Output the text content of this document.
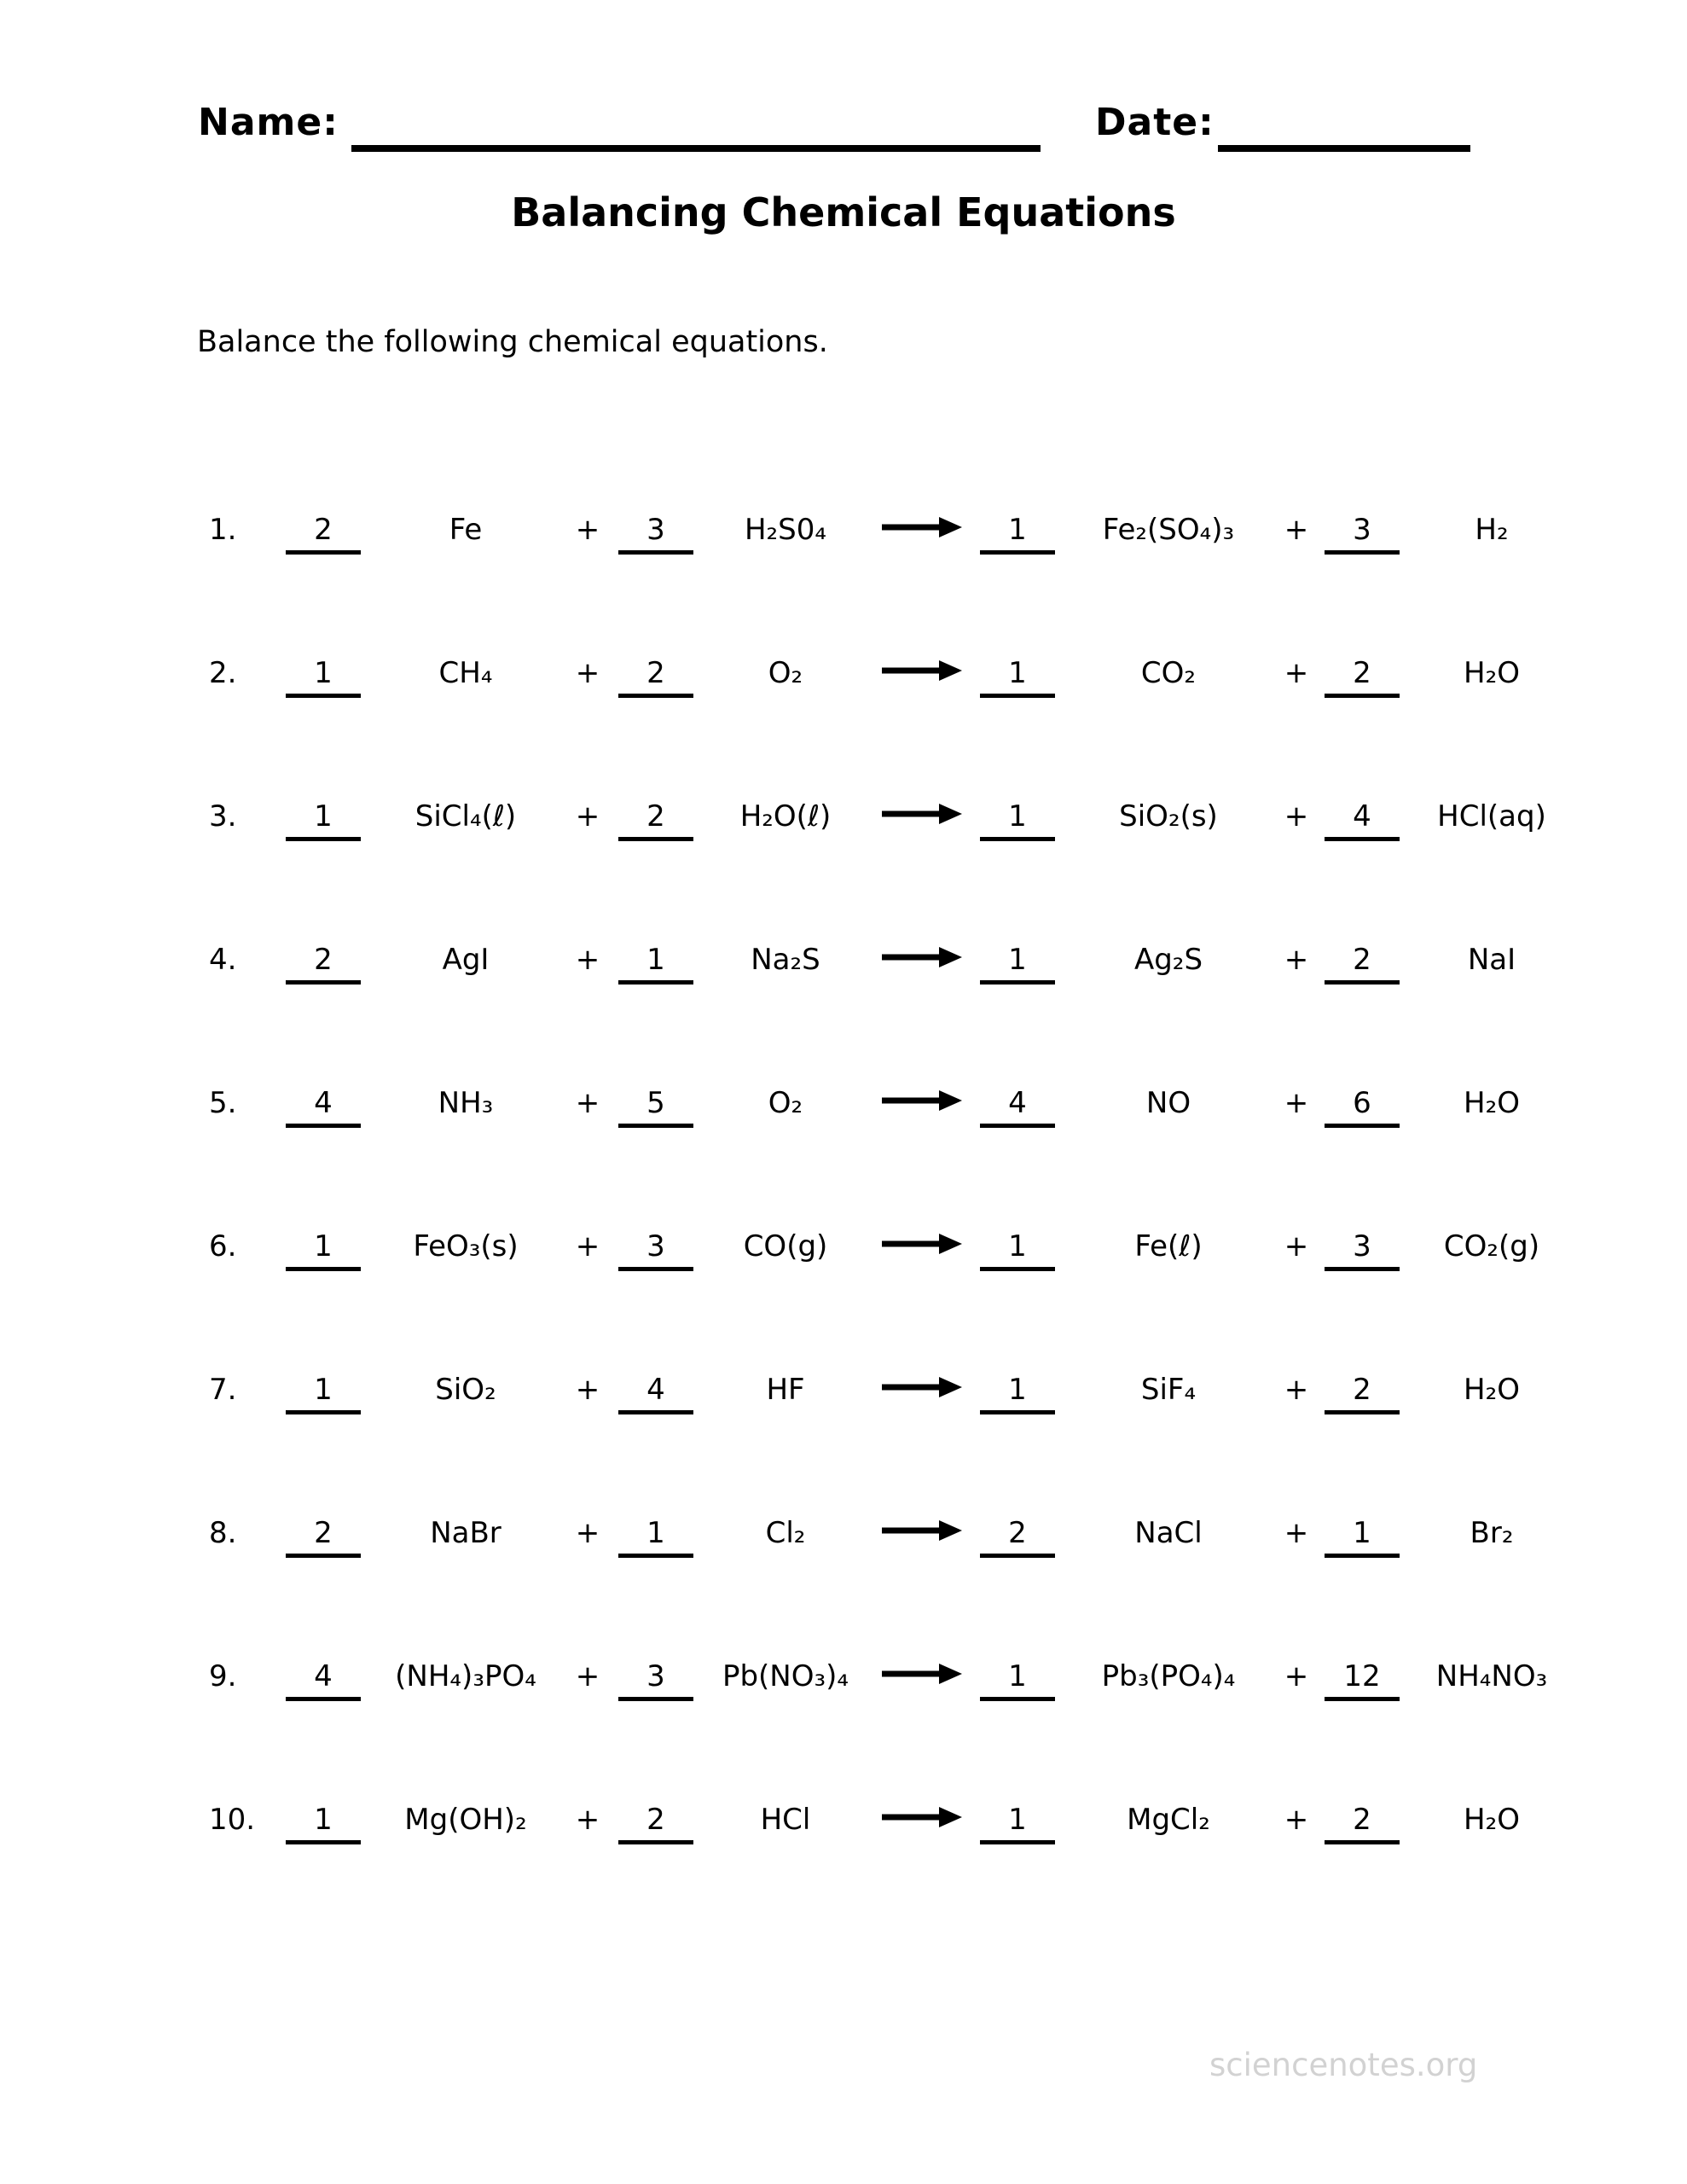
Name:	Date:
Balancing Chemical Equations
Balance the following chemical equations.
1.	2	Fe	+	3	H₂S0₄	→	1	Fe₂(SO₄)₃	+	3	H₂
2.	1	CH₄	+	2	O₂	→	1	CO₂	+	2	H₂O
3.	1	SiCl₄(ℓ)	+	2	H₂O(ℓ)	→	1	SiO₂(s)	+	4	HCl(aq)
4.	2	AgI	+	1	Na₂S	→	1	Ag₂S	+	2	NaI
5.	4	NH₃	+	5	O₂	→	4	NO	+	6	H₂O
6.	1	FeO₃(s)	+	3	CO(g)	→	1	Fe(ℓ)	+	3	CO₂(g)
7.	1	SiO₂	+	4	HF	→	1	SiF₄	+	2	H₂O
8.	2	NaBr	+	1	Cl₂	→	2	NaCl	+	1	Br₂
9.	4	(NH₄)₃PO₄	+	3	Pb(NO₃)₄ →	1	Pb₃(PO₄)₄	+	12	NH₄NO₃
10.	1	Mg(OH)₂	+	2	HCl	→	1	MgCl₂	+	2	H₂O
sciencenotes.org
